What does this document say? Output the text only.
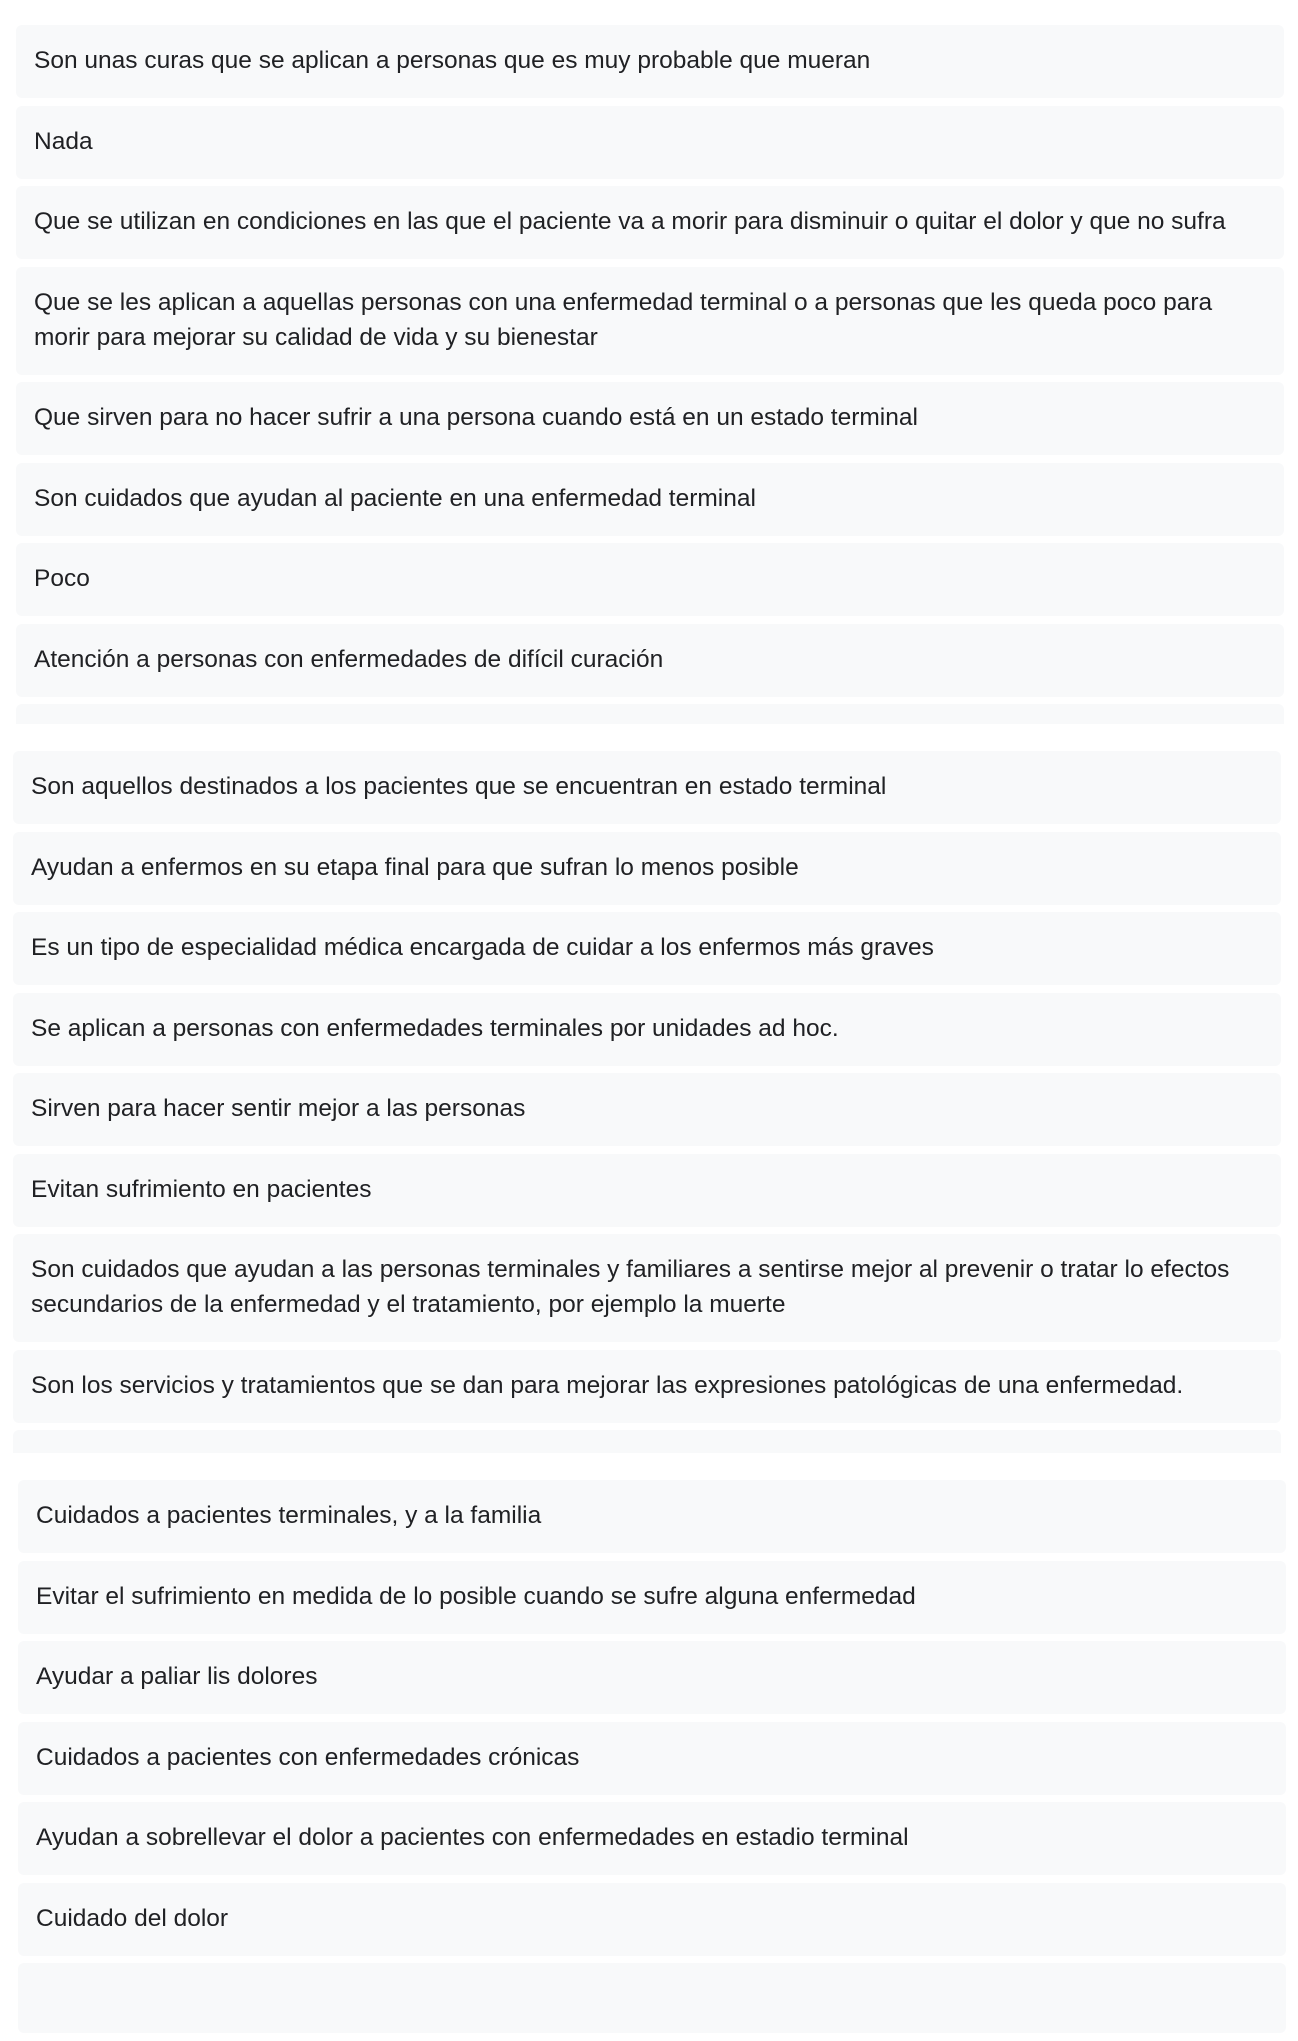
Son unas curas que se aplican a personas que es muy probable que mueran
Nada
Que se utilizan en condiciones en las que el paciente va a morir para disminuir o quitar el dolor y que no sufra
Que se les aplican a aquellas personas con una enfermedad terminal o a personas que les queda poco para morir para mejorar su calidad de vida y su bienestar
Que sirven para no hacer sufrir a una persona cuando está en un estado terminal
Son cuidados que ayudan al paciente en una enfermedad terminal
Poco
Atención a personas con enfermedades de difícil curación
Son aquellos destinados a los pacientes que se encuentran en estado terminal
Ayudan a enfermos en su etapa final para que sufran lo menos posible
Es un tipo de especialidad médica encargada de cuidar a los enfermos más graves
Se aplican a personas con enfermedades terminales por unidades ad hoc.
Sirven para hacer sentir mejor a las personas
Evitan sufrimiento en pacientes
Son cuidados que ayudan a las personas terminales y familiares a sentirse mejor al prevenir o tratar lo efectos secundarios de la enfermedad y el tratamiento, por ejemplo la muerte
Son los servicios y tratamientos que se dan para mejorar las expresiones patológicas de una enfermedad.
Cuidados a pacientes terminales, y a la familia
Evitar el sufrimiento en medida de lo posible cuando se sufre alguna enfermedad
Ayudar a paliar lis dolores
Cuidados a pacientes con enfermedades crónicas
Ayudan a sobrellevar el dolor a pacientes con enfermedades en estadio terminal
Cuidado del dolor
